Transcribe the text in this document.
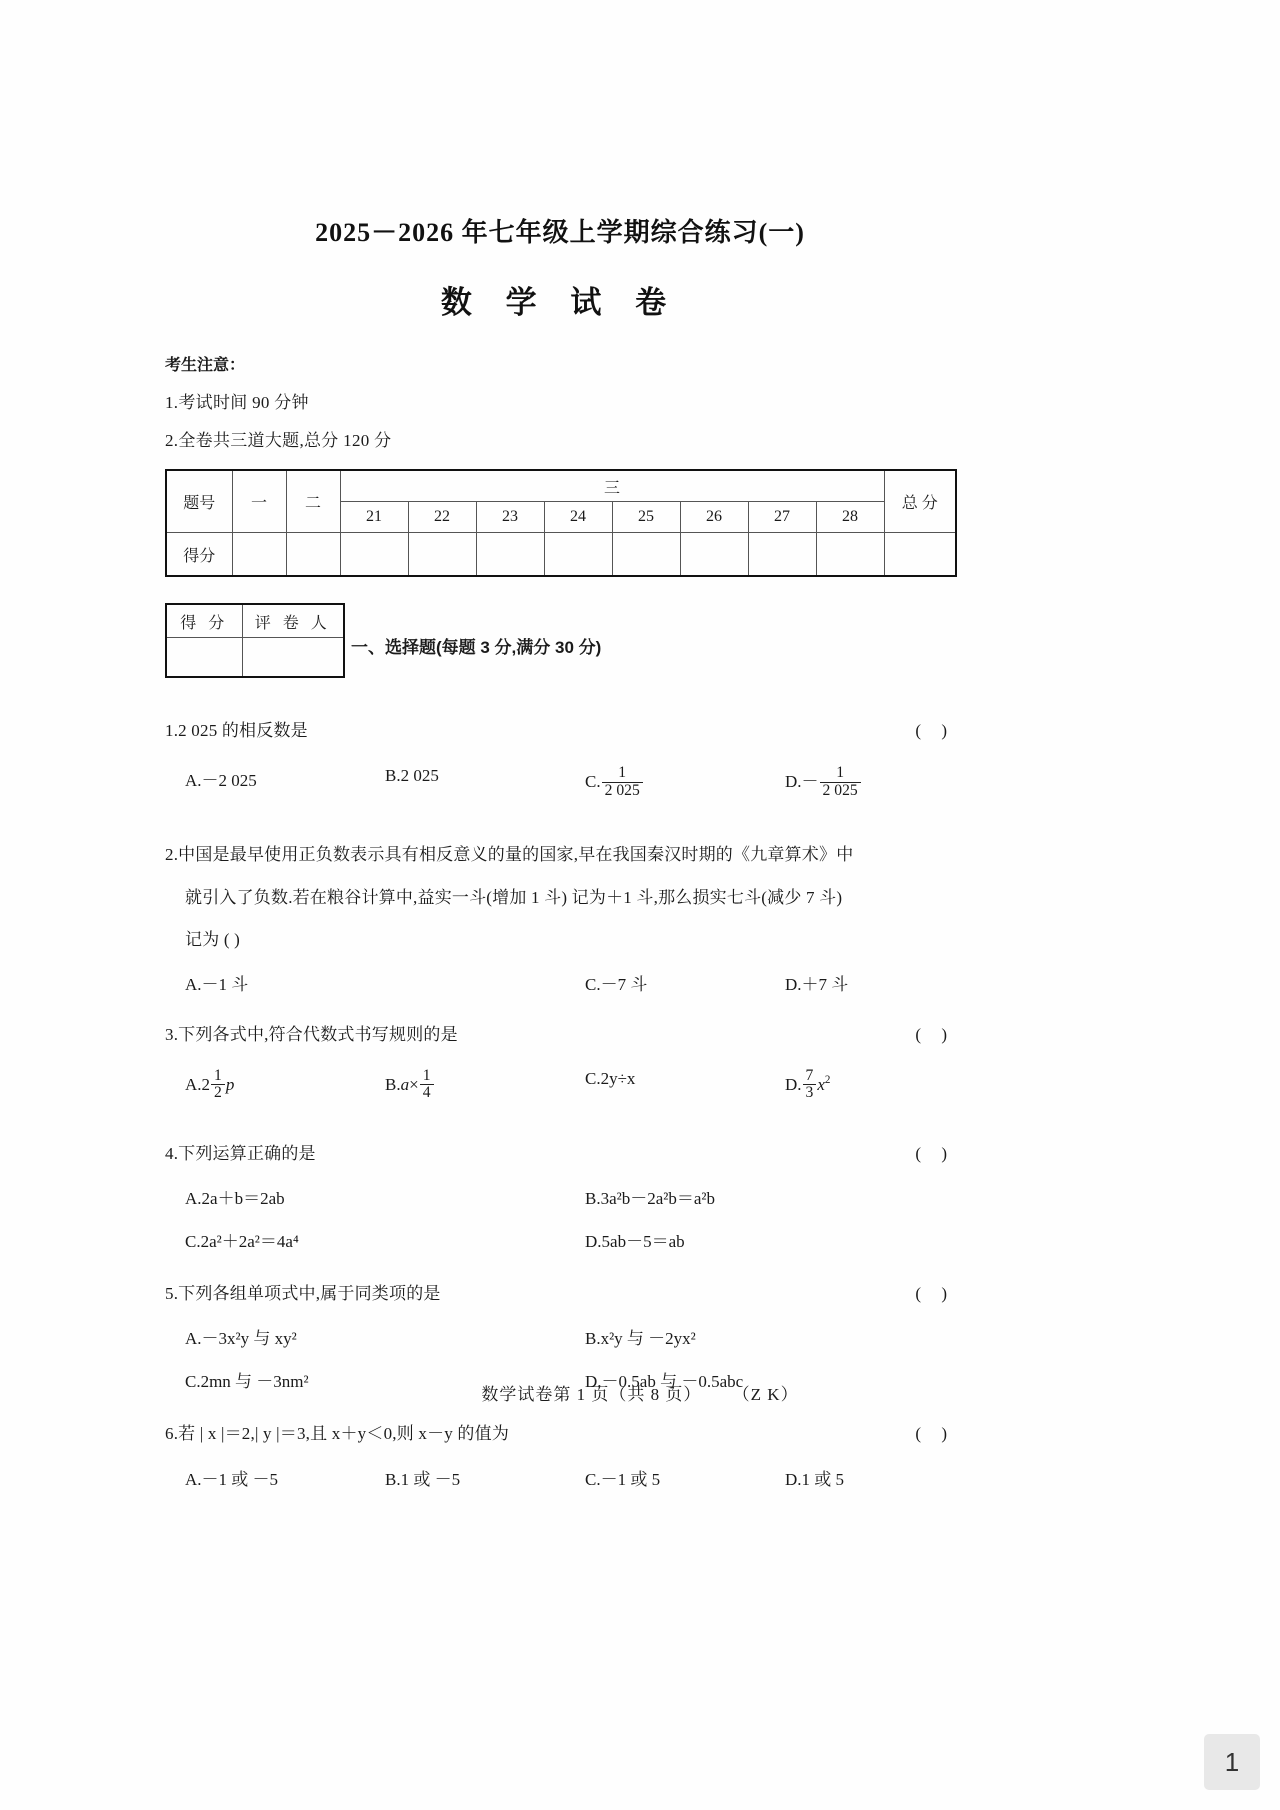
2025－2026 年七年级上学期综合练习(一)
数 学 试 卷
考生注意：
1.考试时间 90 分钟
2.全卷共三道大题,总分 120 分
题号	一	二	三								总 分
			21	22	23	24	25	26	27	28	
得分											
得 分	评 卷 人

一、选择题(每题 3 分,满分 30 分)
1.2 025 的相反数是	( )
A.－2 025	B.2 025	C. $\frac{1}{2 025}$	$D.- \frac{1}{2 025}$
2.中国是最早使用正负数表示具有相反意义的量的国家,早在我国秦汉时期的《九章算术》中
就引入了负数.若在粮谷计算中,益实一斗(增加 1 斗) 记为＋1 斗,那么损实七斗(减少 7 斗)
记为 ( )
A.－1 斗	C.－7 斗	D.＋7 斗
3.下列各式中,符合代数式书写规则的是	( )
$A.2 \frac{1}{2}$ p	$B.a\times \frac{1}{4}$	C.2y÷x	D. $\frac{7}{3} x^2$
4.下列运算正确的是	( )
A.2a＋b＝2ab	B.3a²b－2a²b＝a²b
C.2a²＋2a²＝4a⁴	D.5ab－5＝ab
5.下列各组单项式中,属于同类项的是	( )
A.－3x²y 与 xy²	B.x²y 与 －2yx²
C.2mn 与 －3nm²	D.－0.5ab 与 －0.5abc
6.若 | x |＝2,| y |＝3,且 x＋y＜0,则 x－y 的值为	( )
A.－1 或 －5	B.1 或 －5	C.－1 或 5	D.1 或 5
数学试卷第 1 页（共 8 页） （Z K）
1
